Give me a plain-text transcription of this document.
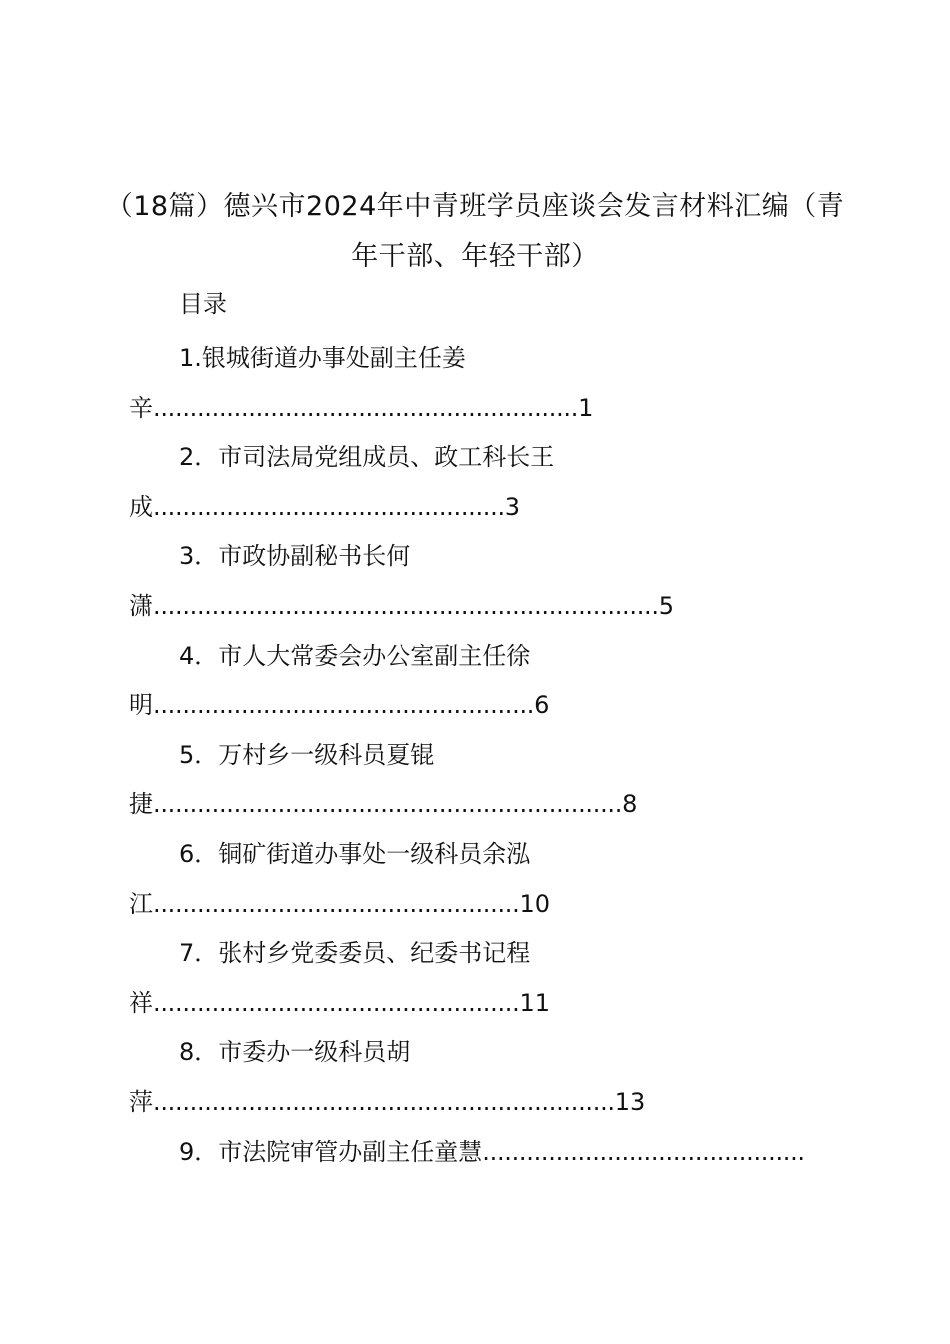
（18篇）德兴市2024年中青班学员座谈会发言材料汇编（青年干部、年轻干部）
目录
1.银城街道办事处副主任姜辛..........................................................1
2．市司法局党组成员、政工科长王成................................................3
3．市政协副秘书长何潇.....................................................................5
4．市人大常委会办公室副主任徐明....................................................6
5．万村乡一级科员夏锟捷................................................................8
6．铜矿街道办事处一级科员余泓江..................................................10
7．张村乡党委委员、纪委书记程祥..................................................11
8．市委办一级科员胡萍...............................................................13
9．市法院审管办副主任童慧............................................
